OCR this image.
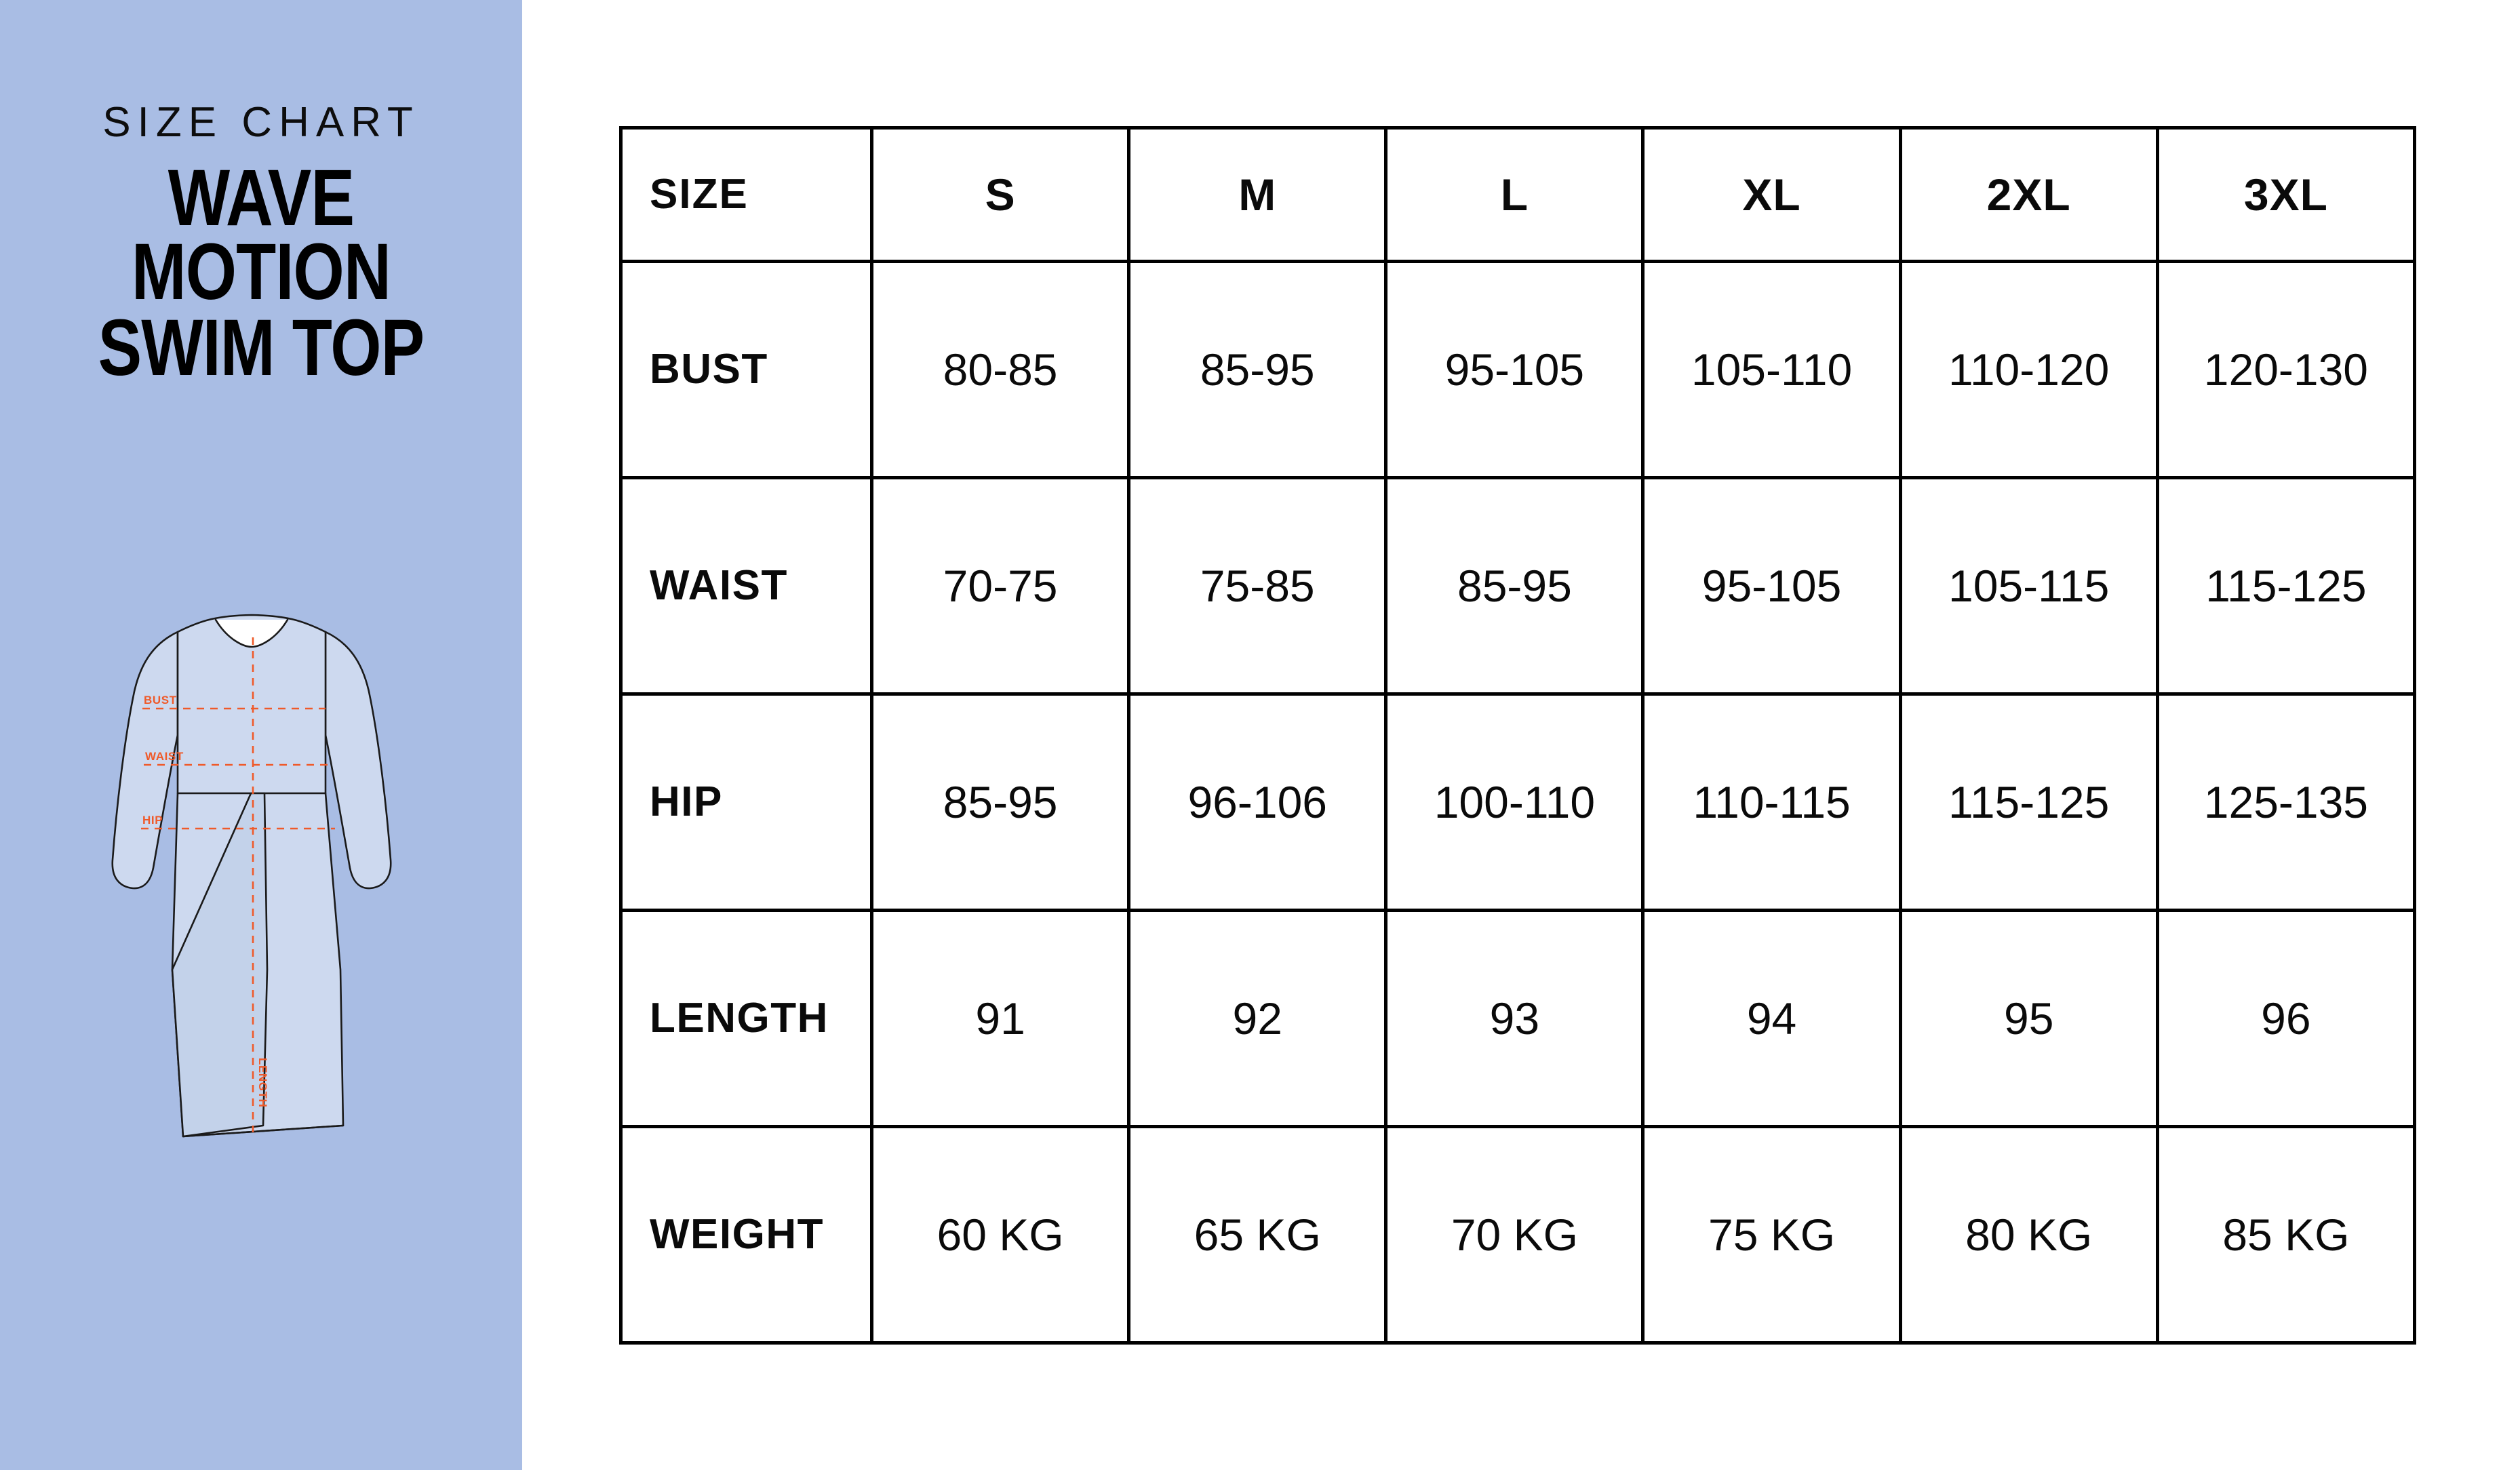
SIZE CHART
WAVE MOTION
SWIM TOP
BUST
WAIST
HIP
LENGTH
SIZE	S	M	L	XL	2XL	3XL
BUST	80-85	85-95	95-105	105-110	110-120	120-130
WAIST	70-75	75-85	85-95	95-105	105-115	115-125
HIP	85-95	96-106	100-110	110-115	115-125	125-135
LENGTH	91	92	93	94	95	96
WEIGHT	60 KG	65 KG	70 KG	75 KG	80 KG	85 KG
